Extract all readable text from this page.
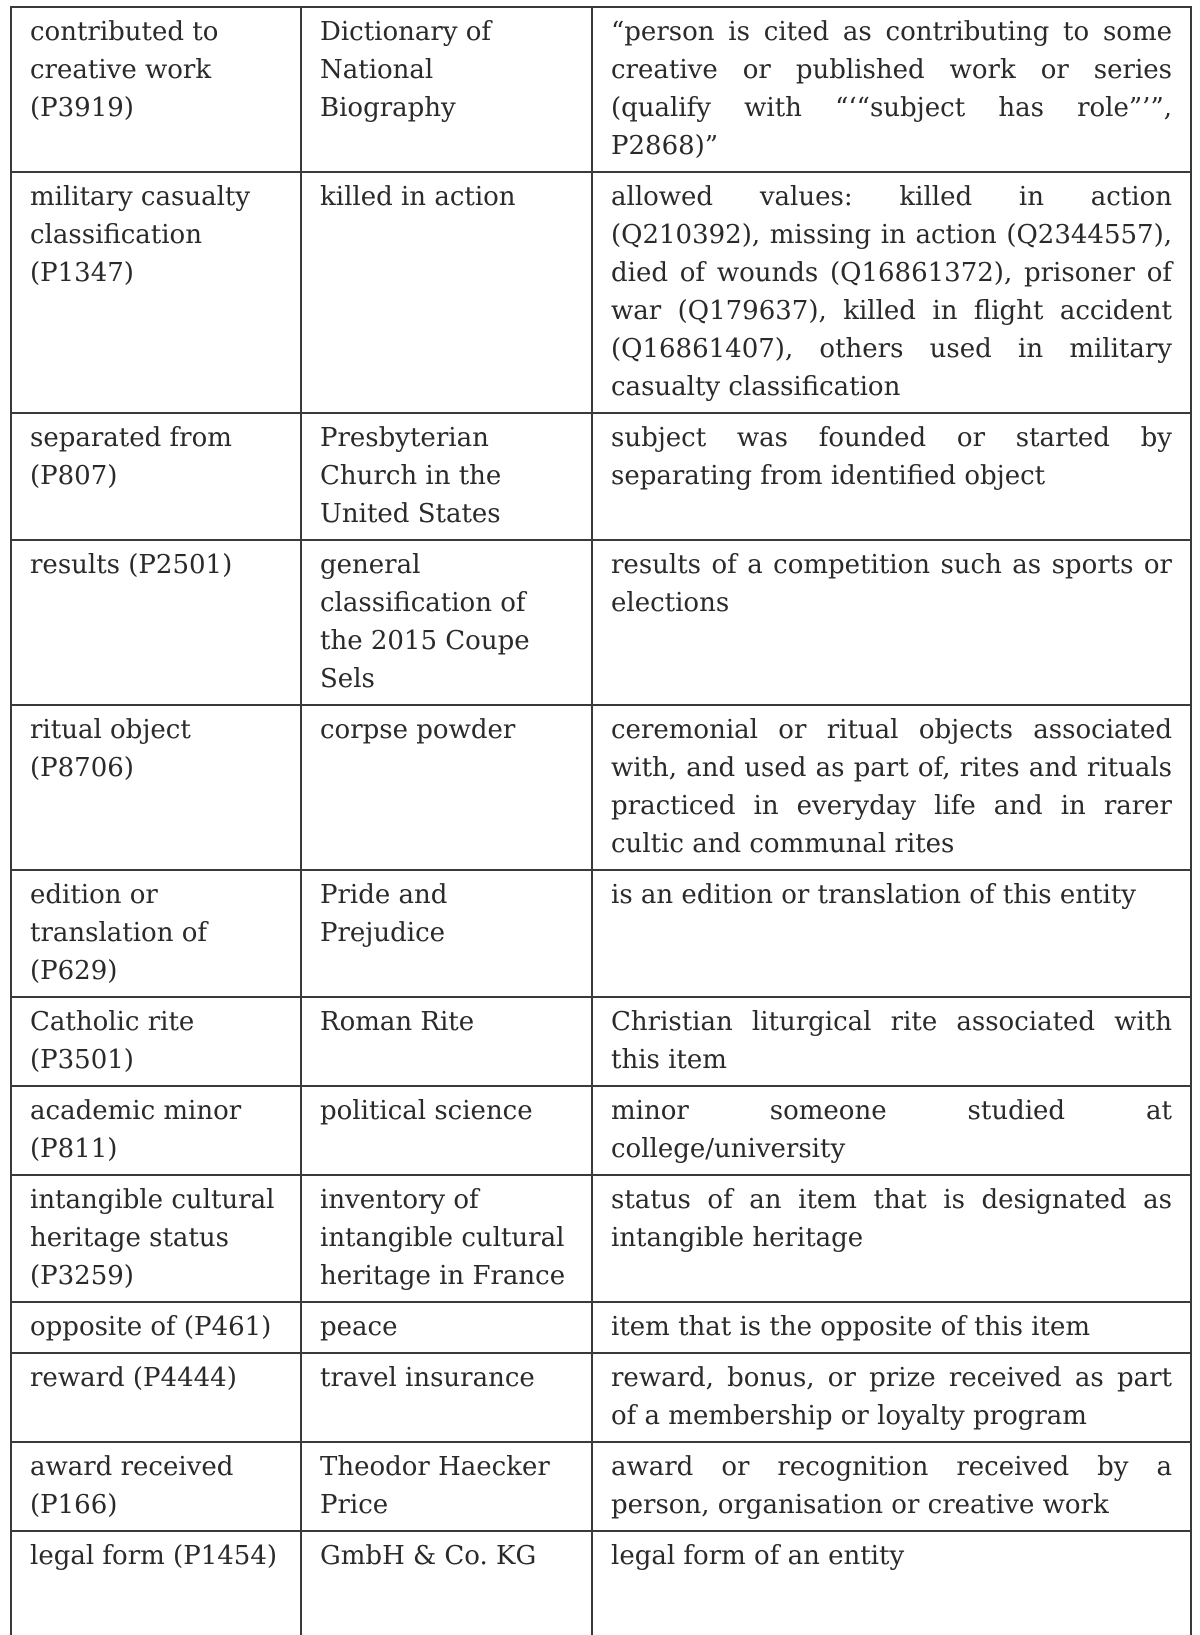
contributed to creative work (P3919)	Dictionary of National Biography	“person is cited as contributing to some creative or published work or series (qualify with “‘“subject has role”’”, P2868)”
military casualty classification (P1347)	killed in action	allowed values: killed in action (Q210392), missing in action (Q2344557), died of wounds (Q16861372), prisoner of war (Q179637), killed in flight accident (Q16861407), others used in military casualty classification
separated from (P807)	Presbyterian Church in the United States	subject was founded or started by separating from identified object
results (P2501)	general classification of the 2015 Coupe Sels	results of a competition such as sports or elections
ritual object (P8706)	corpse powder	ceremonial or ritual objects associated with, and used as part of, rites and rituals practiced in everyday life and in rarer cultic and communal rites
edition or translation of (P629)	Pride and Prejudice	is an edition or translation of this entity
Catholic rite (P3501)	Roman Rite	Christian liturgical rite associated with this item
academic minor (P811)	political science	minor someone studied at college/university
intangible cultural heritage status (P3259)	inventory of intangible cultural heritage in France	status of an item that is designated as intangible heritage
opposite of (P461)	peace	item that is the opposite of this item
reward (P4444)	travel insurance	reward, bonus, or prize received as part of a membership or loyalty program
award received (P166)	Theodor Haecker Price	award or recognition received by a person, organisation or creative work
legal form (P1454)	GmbH & Co. KG	legal form of an entity
